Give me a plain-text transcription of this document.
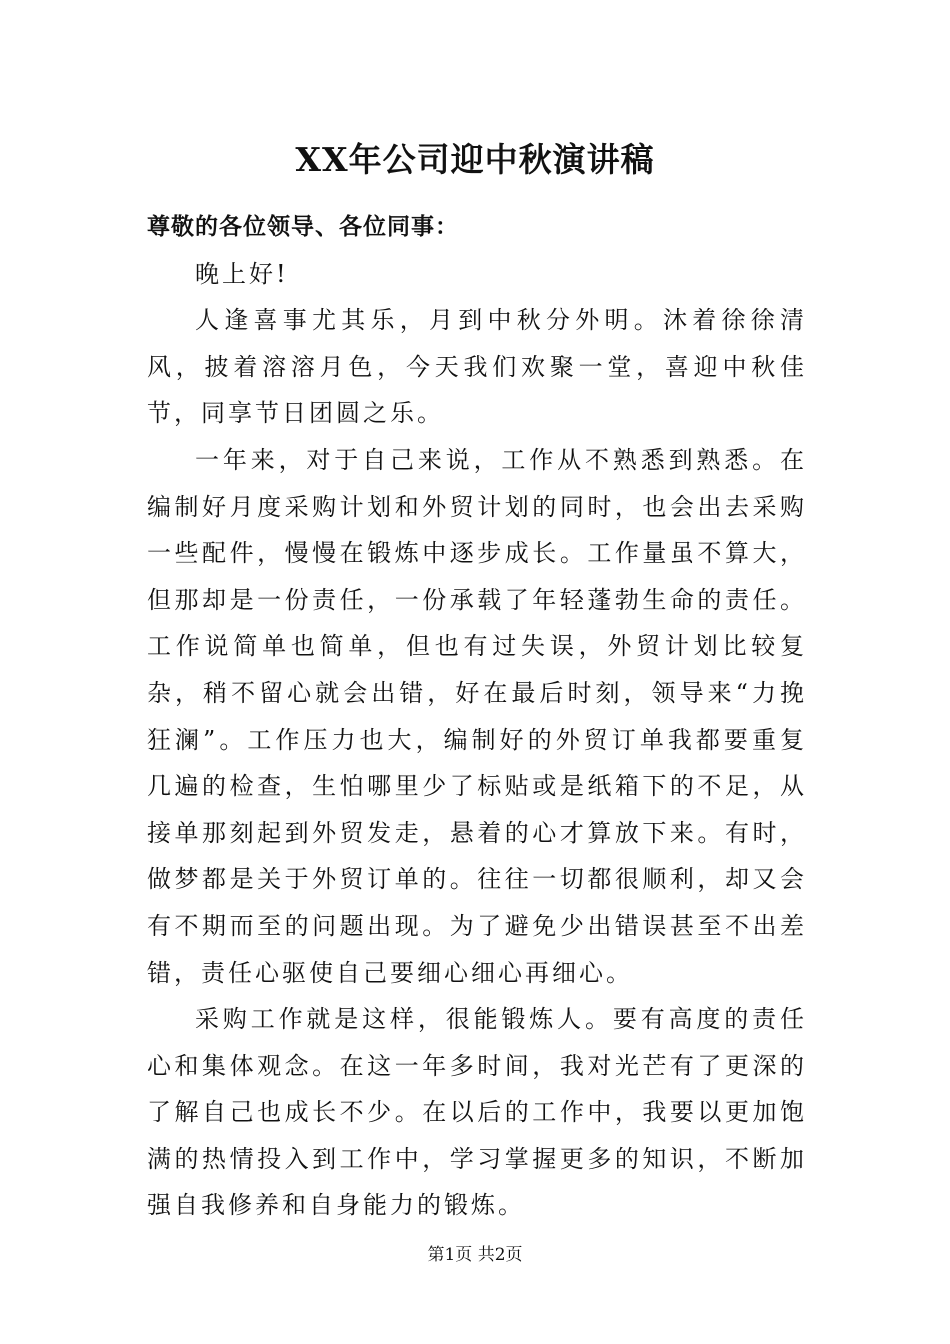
XX年公司迎中秋演讲稿

尊敬的各位领导、各位同事：

晚上好!

人逢喜事尤其乐，月到中秋分外明。沐着徐徐清风，披着溶溶月色，今天我们欢聚一堂，喜迎中秋佳节，同享节日团圆之乐。

一年来，对于自己来说，工作从不熟悉到熟悉。在编制好月度采购计划和外贸计划的同时，也会出去采购一些配件，慢慢在锻炼中逐步成长。工作量虽不算大，但那却是一份责任，一份承载了年轻蓬勃生命的责任。工作说简单也简单，但也有过失误，外贸计划比较复杂，稍不留心就会出错，好在最后时刻，领导来“力挽狂澜”。工作压力也大，编制好的外贸订单我都要重复几遍的检查，生怕哪里少了标贴或是纸箱下的不足，从接单那刻起到外贸发走，悬着的心才算放下来。有时，做梦都是关于外贸订单的。往往一切都很顺利，却又会有不期而至的问题出现。为了避免少出错误甚至不出差错，责任心驱使自己要细心细心再细心。

采购工作就是这样，很能锻炼人。要有高度的责任心和集体观念。在这一年多时间，我对光芒有了更深的了解自己也成长不少。在以后的工作中，我要以更加饱满的热情投入到工作中，学习掌握更多的知识，不断加强自我修养和自身能力的锻炼。

第1页 共2页
